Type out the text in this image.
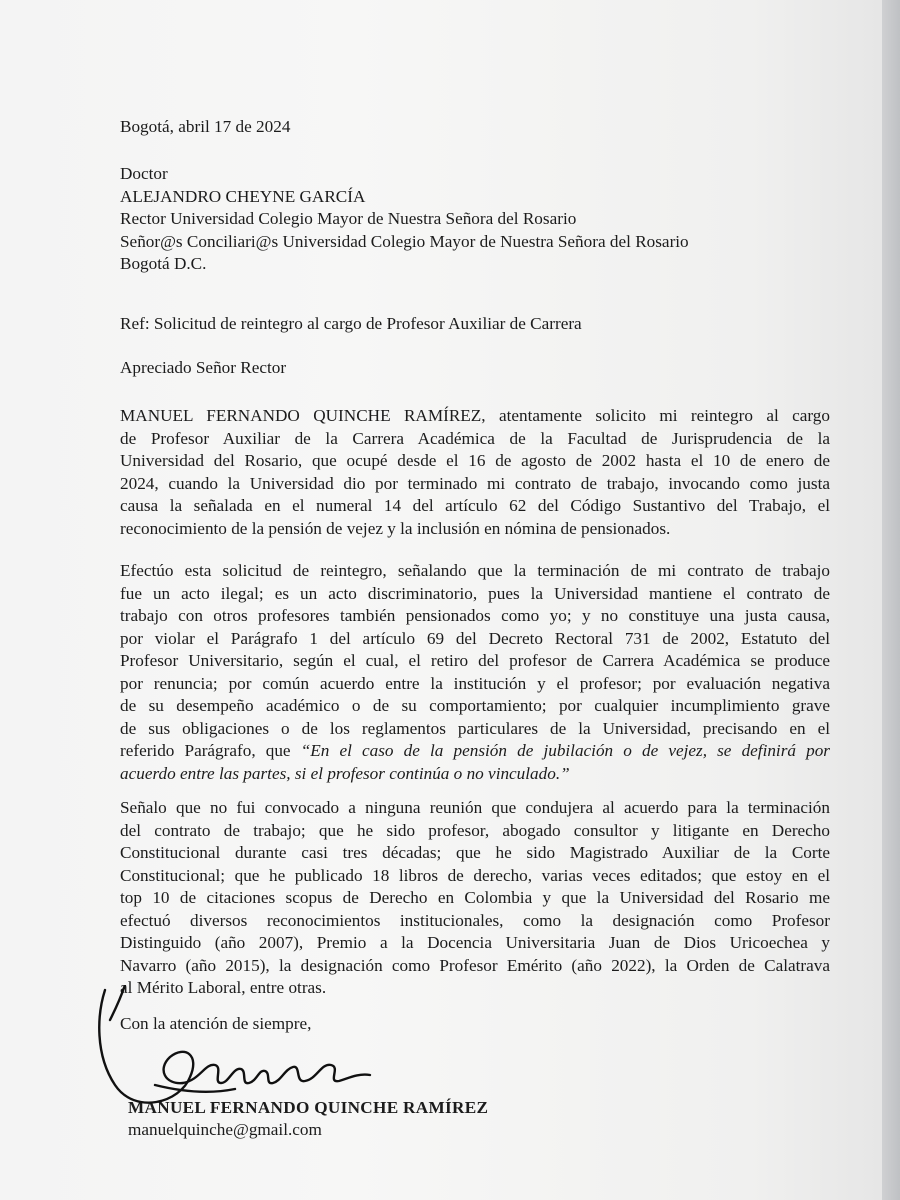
Bogotá, abril 17 de 2024
Doctor
ALEJANDRO CHEYNE GARCÍA
Rector Universidad Colegio Mayor de Nuestra Señora del Rosario
Señor@s Conciliari@s Universidad Colegio Mayor de Nuestra Señora del Rosario
Bogotá D.C.
Ref: Solicitud de reintegro al cargo de Profesor Auxiliar de Carrera
Apreciado Señor Rector
MANUEL FERNANDO QUINCHE RAMÍREZ, atentamente solicito mi reintegro al cargo
de Profesor Auxiliar de la Carrera Académica de la Facultad de Jurisprudencia de la
Universidad del Rosario, que ocupé desde el 16 de agosto de 2002 hasta el 10 de enero de
2024, cuando la Universidad dio por terminado mi contrato de trabajo, invocando como justa
causa la señalada en el numeral 14 del artículo 62 del Código Sustantivo del Trabajo, el
reconocimiento de la pensión de vejez y la inclusión en nómina de pensionados.
Efectúo esta solicitud de reintegro, señalando que la terminación de mi contrato de trabajo
fue un acto ilegal; es un acto discriminatorio, pues la Universidad mantiene el contrato de
trabajo con otros profesores también pensionados como yo; y no constituye una justa causa,
por violar el Parágrafo 1 del artículo 69 del Decreto Rectoral 731 de 2002, Estatuto del
Profesor Universitario, según el cual, el retiro del profesor de Carrera Académica se produce
por renuncia; por común acuerdo entre la institución y el profesor; por evaluación negativa
de su desempeño académico o de su comportamiento; por cualquier incumplimiento grave
de sus obligaciones o de los reglamentos particulares de la Universidad, precisando en el
referido Parágrafo, que “En el caso de la pensión de jubilación o de vejez, se definirá por
acuerdo entre las partes, si el profesor continúa o no vinculado.”
Señalo que no fui convocado a ninguna reunión que condujera al acuerdo para la terminación
del contrato de trabajo; que he sido profesor, abogado consultor y litigante en Derecho
Constitucional durante casi tres décadas; que he sido Magistrado Auxiliar de la Corte
Constitucional; que he publicado 18 libros de derecho, varias veces editados; que estoy en el
top 10 de citaciones scopus de Derecho en Colombia y que la Universidad del Rosario me
efectuó diversos reconocimientos institucionales, como la designación como Profesor
Distinguido (año 2007), Premio a la Docencia Universitaria Juan de Dios Uricoechea y
Navarro (año 2015), la designación como Profesor Emérito (año 2022), la Orden de Calatrava
al Mérito Laboral, entre otras.
Con la atención de siempre,
MANUEL FERNANDO QUINCHE RAMÍREZ
manuelquinche@gmail.com
